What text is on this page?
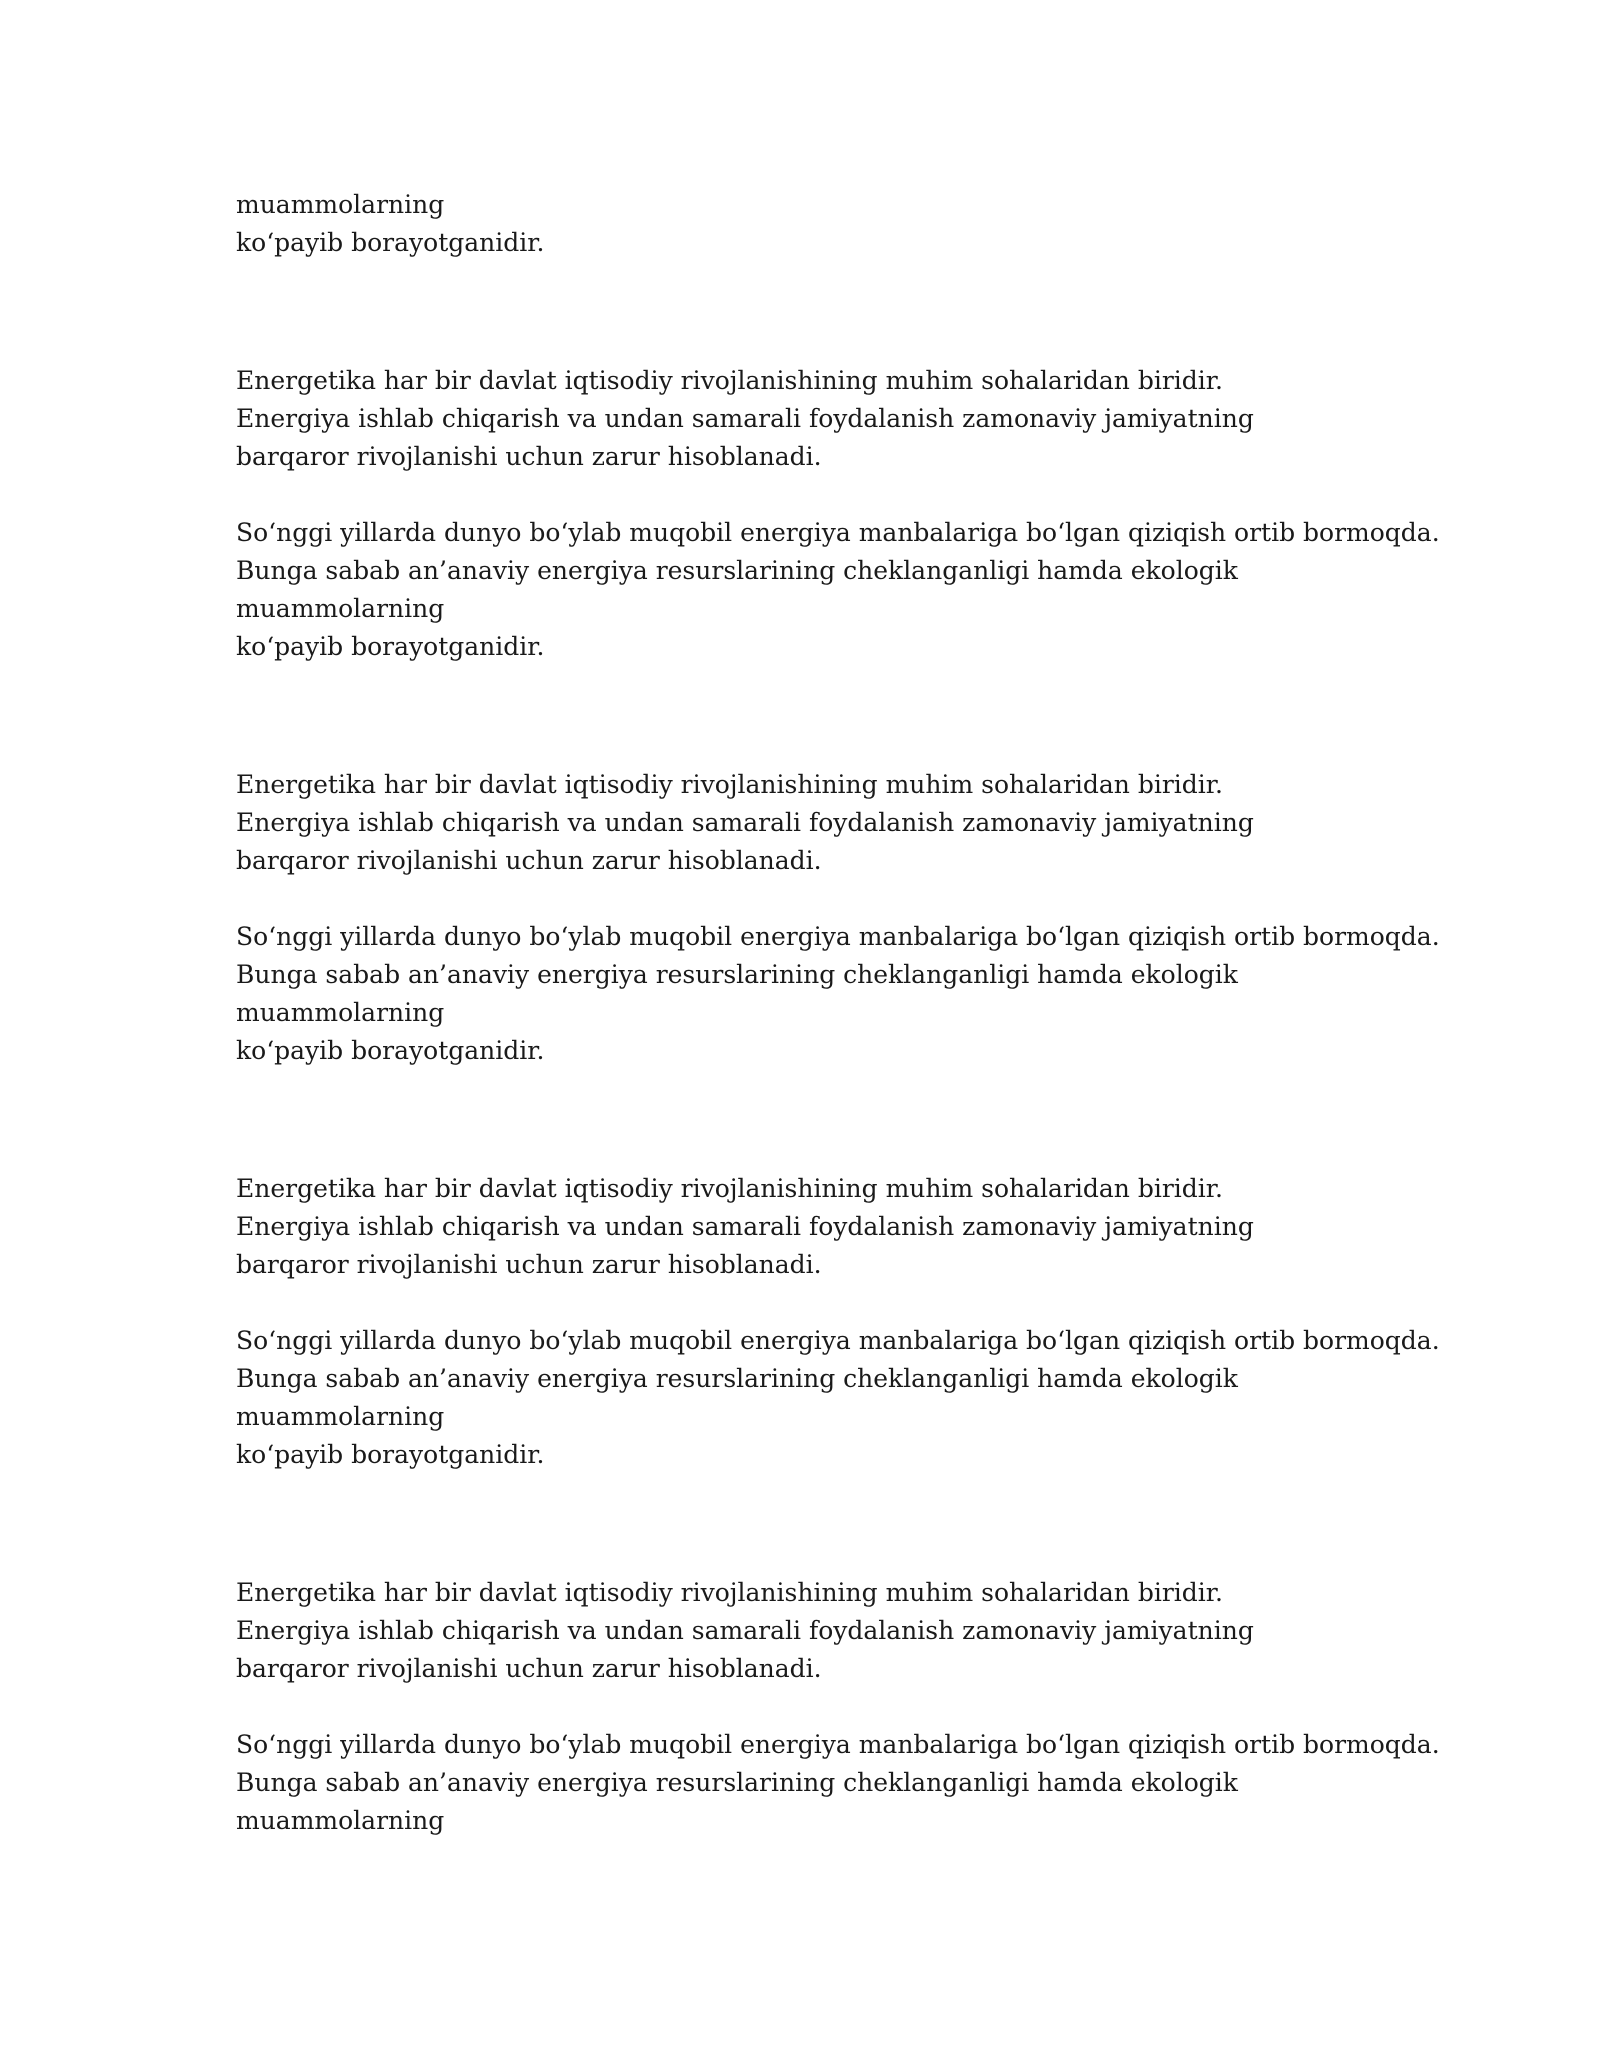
muammolarning
ko‘payib borayotganidir.
Energetika har bir davlat iqtisodiy rivojlanishining muhim sohalaridan biridir.
Energiya ishlab chiqarish va undan samarali foydalanish zamonaviy jamiyatning
barqaror rivojlanishi uchun zarur hisoblanadi.
So‘nggi yillarda dunyo bo‘ylab muqobil energiya manbalariga bo‘lgan qiziqish ortib bormoqda.
Bunga sabab an’anaviy energiya resurslarining cheklanganligi hamda ekologik
muammolarning
ko‘payib borayotganidir.
Energetika har bir davlat iqtisodiy rivojlanishining muhim sohalaridan biridir.
Energiya ishlab chiqarish va undan samarali foydalanish zamonaviy jamiyatning
barqaror rivojlanishi uchun zarur hisoblanadi.
So‘nggi yillarda dunyo bo‘ylab muqobil energiya manbalariga bo‘lgan qiziqish ortib bormoqda.
Bunga sabab an’anaviy energiya resurslarining cheklanganligi hamda ekologik
muammolarning
ko‘payib borayotganidir.
Energetika har bir davlat iqtisodiy rivojlanishining muhim sohalaridan biridir.
Energiya ishlab chiqarish va undan samarali foydalanish zamonaviy jamiyatning
barqaror rivojlanishi uchun zarur hisoblanadi.
So‘nggi yillarda dunyo bo‘ylab muqobil energiya manbalariga bo‘lgan qiziqish ortib bormoqda.
Bunga sabab an’anaviy energiya resurslarining cheklanganligi hamda ekologik
muammolarning
ko‘payib borayotganidir.
Energetika har bir davlat iqtisodiy rivojlanishining muhim sohalaridan biridir.
Energiya ishlab chiqarish va undan samarali foydalanish zamonaviy jamiyatning
barqaror rivojlanishi uchun zarur hisoblanadi.
So‘nggi yillarda dunyo bo‘ylab muqobil energiya manbalariga bo‘lgan qiziqish ortib bormoqda.
Bunga sabab an’anaviy energiya resurslarining cheklanganligi hamda ekologik
muammolarning
